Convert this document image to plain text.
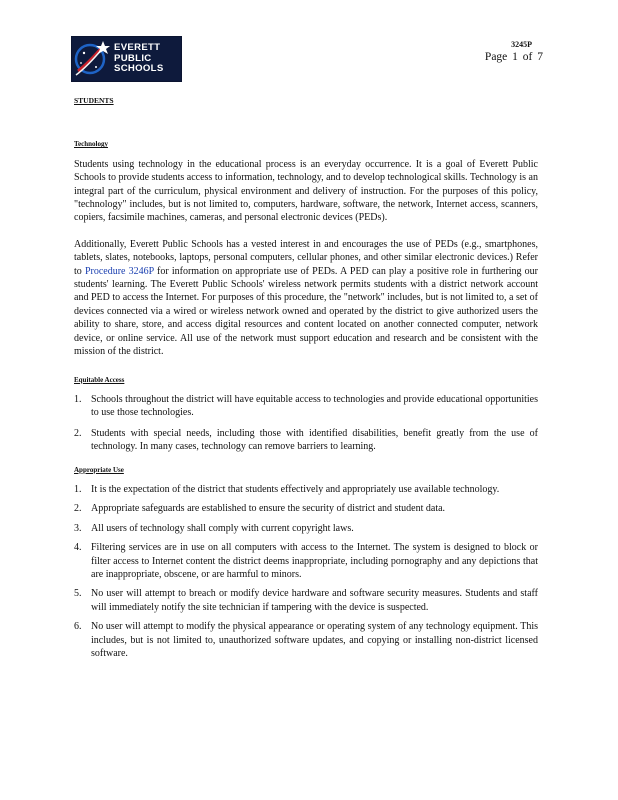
EVERETT
PUBLIC
SCHOOLS
3245P
Page 1 of 7
STUDENTS
Technology

Students using technology in the educational process is an everyday occurrence. It is a goal of Everett Public Schools to provide students access to information, technology, and to develop technological skills. Technology is an integral part of the curriculum, physical environment and delivery of instruction. For the purposes of this policy, "technology" includes, but is not limited to, computers, hardware, software, the network, Internet access, scanners, copiers, facsimile machines, cameras, and personal electronic devices (PEDs).

Additionally, Everett Public Schools has a vested interest in and encourages the use of PEDs (e.g., smartphones, tablets, slates, notebooks, laptops, personal computers, cellular phones, and other similar electronic devices.) Refer to Procedure 3246P for information on appropriate use of PEDs. A PED can play a positive role in furthering our students' learning. The Everett Public Schools' wireless network permits students with a district network account and PED to access the Internet. For purposes of this procedure, the "network" includes, but is not limited to, a set of devices connected via a wired or wireless network owned and operated by the district to give authorized users the ability to share, store, and access digital resources and content located on another connected computer, network device, or online service. All use of the network must support education and research and be consistent with the mission of the district.

Equitable Access
1. Schools throughout the district will have equitable access to technologies and provide educational opportunities to use those technologies.
2. Students with special needs, including those with identified disabilities, benefit greatly from the use of technology. In many cases, technology can remove barriers to learning.
Appropriate Use
1. It is the expectation of the district that students effectively and appropriately use available technology.
2. Appropriate safeguards are established to ensure the security of district and student data.
3. All users of technology shall comply with current copyright laws.
4. Filtering services are in use on all computers with access to the Internet. The system is designed to block or filter access to Internet content the district deems inappropriate, including pornography and any depictions that are inappropriate, obscene, or are harmful to minors.
5. No user will attempt to breach or modify device hardware and software security measures. Students and staff will immediately notify the site technician if tampering with the device is suspected.
6. No user will attempt to modify the physical appearance or operating system of any technology equipment. This includes, but is not limited to, unauthorized software updates, and copying or installing non-district licensed software.
